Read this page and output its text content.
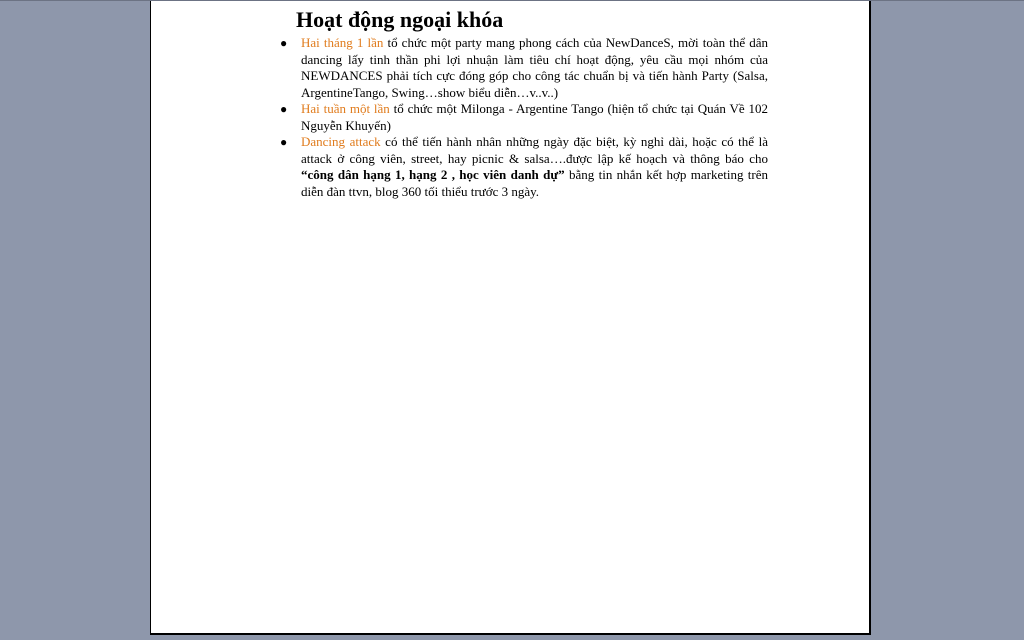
Hoạt động ngoại khóa
● Hai tháng 1 lần tổ chức một party mang phong cách của NewDanceS, mời toàn thể dân dancing lấy tinh thần phi lợi nhuận làm tiêu chí hoạt động, yêu cầu mọi nhóm của NEWDANCES phải tích cực đóng góp cho công tác chuẩn bị và tiến hành Party (Salsa, ArgentineTango, Swing…show biểu diễn…v..v..)
● Hai tuần một lần tổ chức một Milonga - Argentine Tango (hiện tổ chức tại Quán Về 102 Nguyễn Khuyến)
● Dancing attack có thể tiến hành nhân những ngày đặc biệt, kỳ nghỉ dài, hoặc có thể là attack ở công viên, street, hay picnic & salsa….được lập kế hoạch và thông báo cho “công dân hạng 1, hạng 2 , học viên danh dự” bằng tin nhắn kết hợp marketing trên diễn đàn ttvn, blog 360 tối thiểu trước 3 ngày.
